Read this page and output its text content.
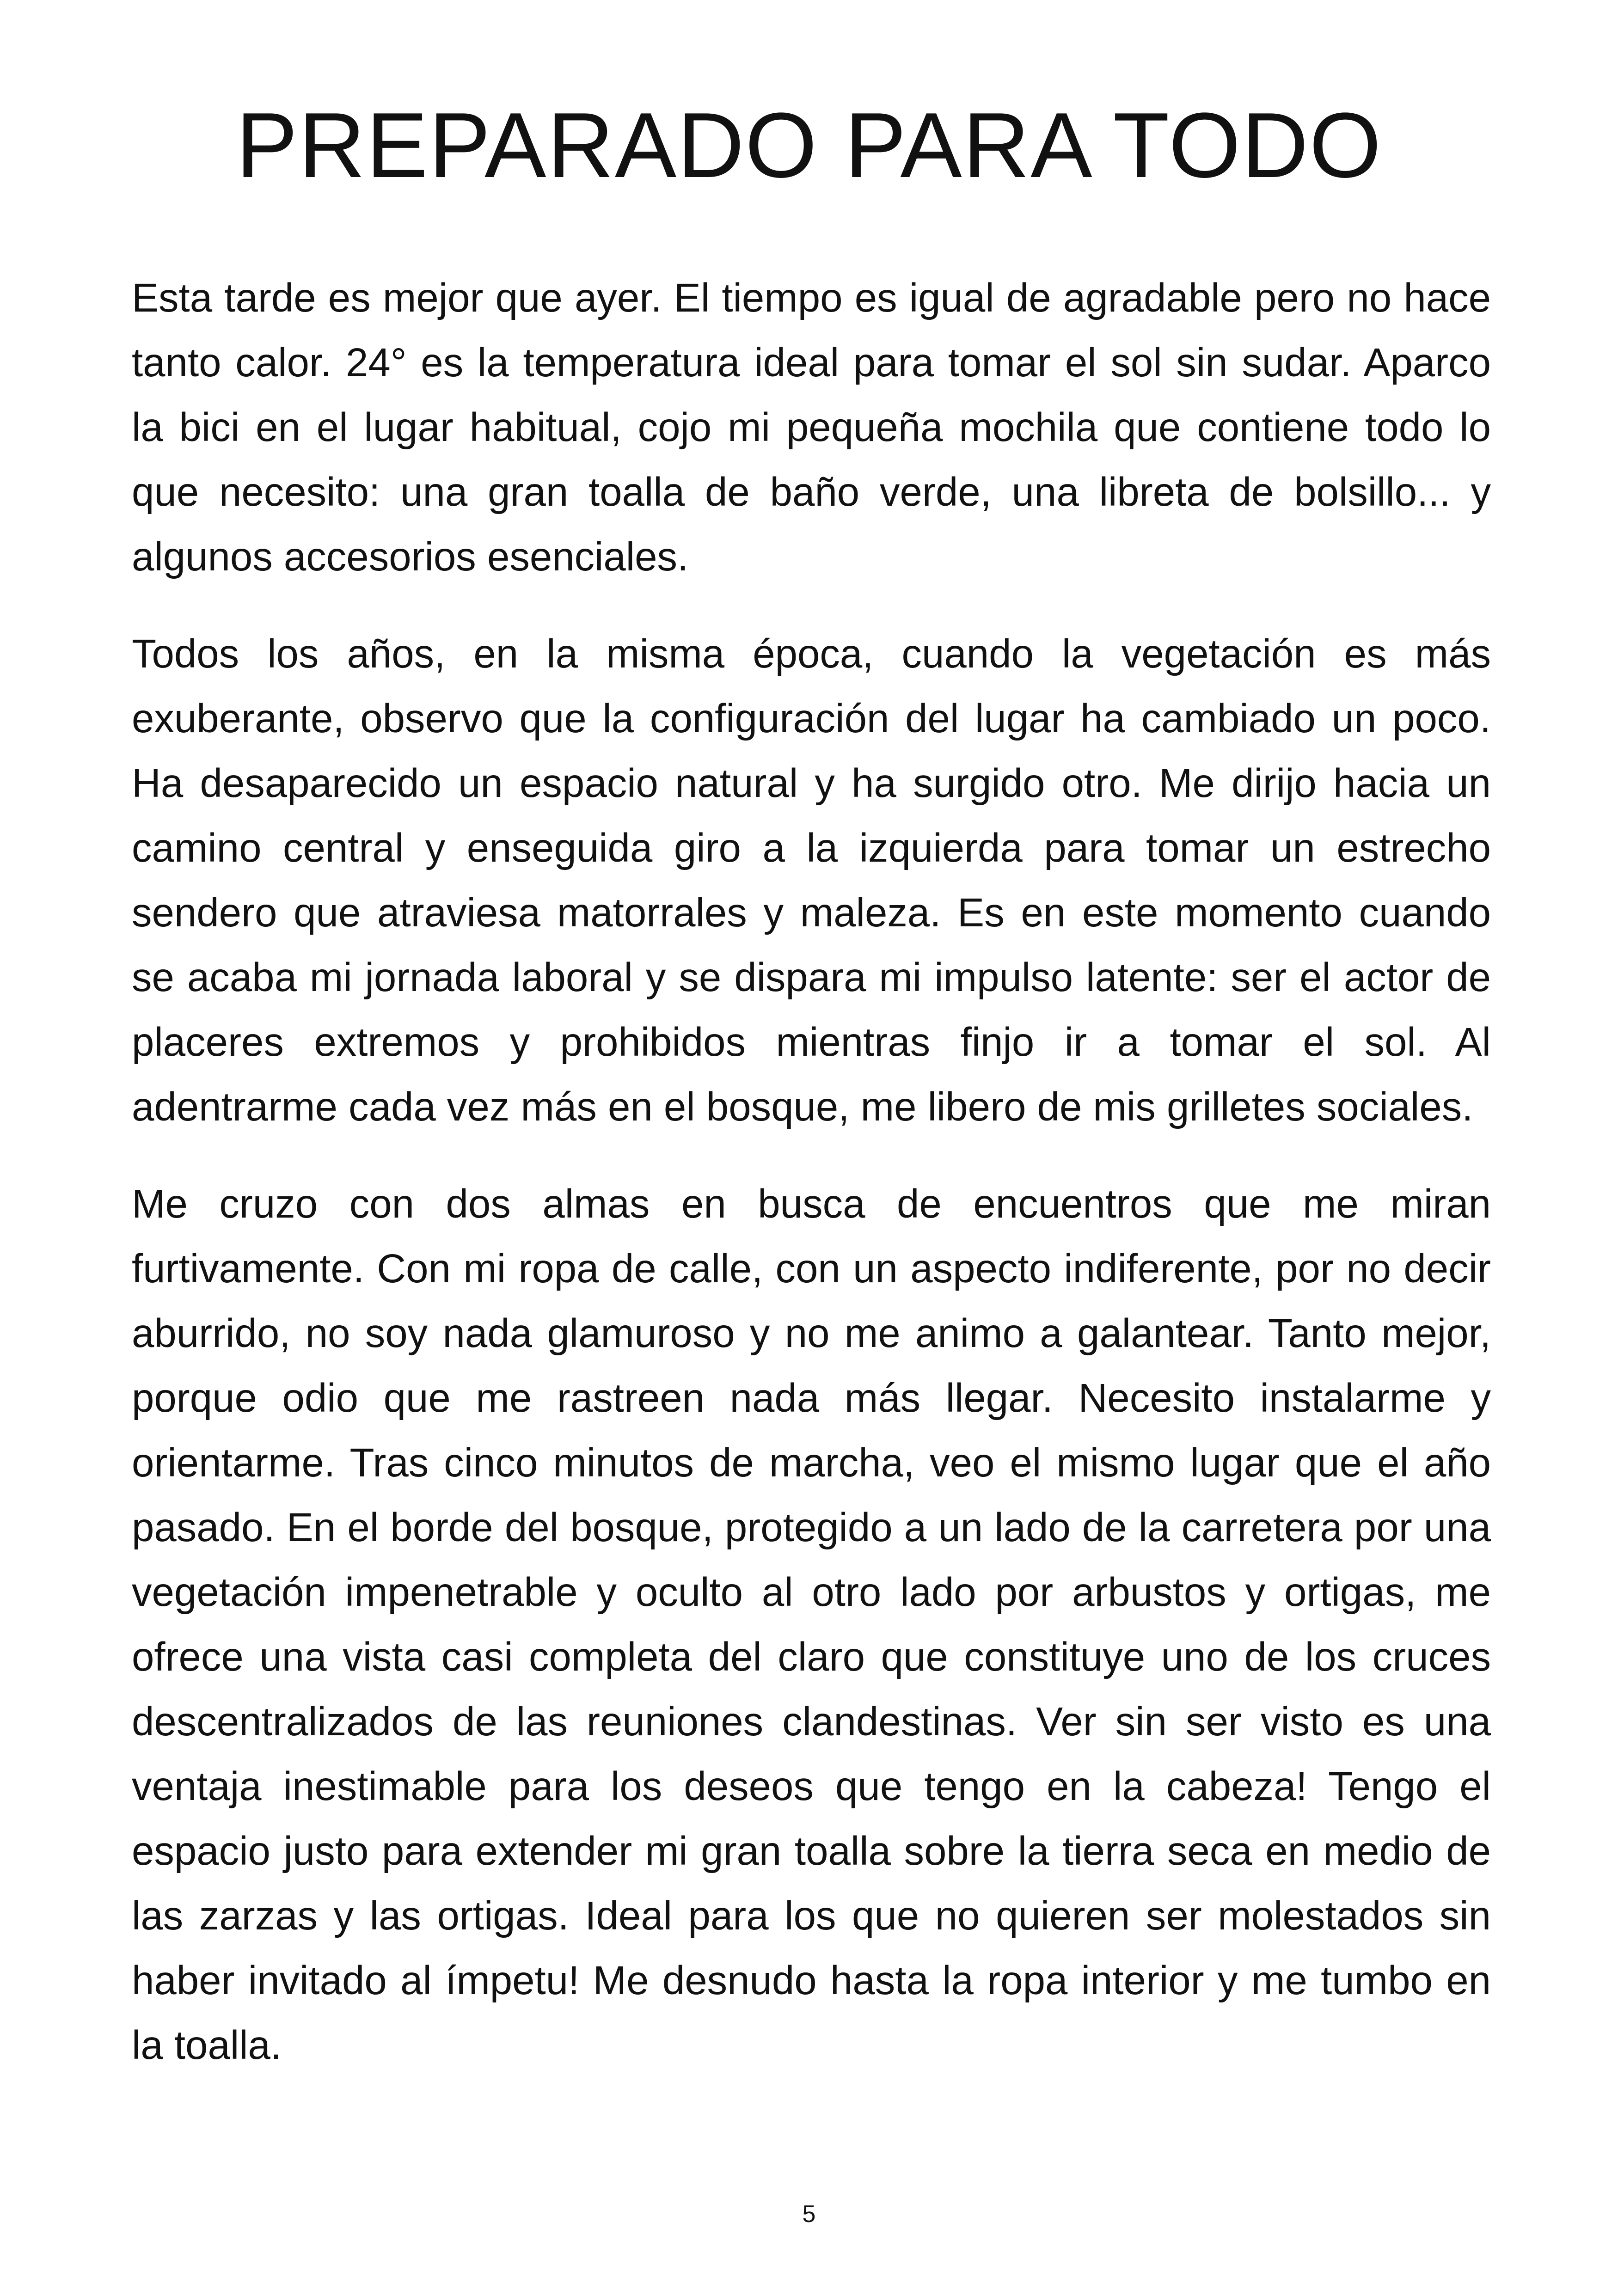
PREPARADO PARA TODO

Esta tarde es mejor que ayer. El tiempo es igual de agradable pero no hace tanto calor. 24° es la temperatura ideal para tomar el sol sin sudar. Aparco la bici en el lugar habitual, cojo mi pequeña mochila que contiene todo lo que necesito: una gran toalla de baño verde, una libreta de bolsillo... y algunos accesorios esenciales.

Todos los años, en la misma época, cuando la vegetación es más exuberante, observo que la configuración del lugar ha cambiado un poco. Ha desaparecido un espacio natural y ha surgido otro. Me dirijo hacia un camino central y enseguida giro a la izquierda para tomar un estrecho sendero que atraviesa matorrales y maleza. Es en este momento cuando se acaba mi jornada laboral y se dispara mi impulso latente: ser el actor de placeres extremos y prohibidos mientras finjo ir a tomar el sol. Al adentrarme cada vez más en el bosque, me libero de mis grilletes sociales.

Me cruzo con dos almas en busca de encuentros que me miran furtivamente. Con mi ropa de calle, con un aspecto indiferente, por no decir aburrido, no soy nada glamuroso y no me animo a galantear. Tanto mejor, porque odio que me rastreen nada más llegar. Necesito instalarme y orientarme. Tras cinco minutos de marcha, veo el mismo lugar que el año pasado. En el borde del bosque, protegido a un lado de la carretera por una vegetación impenetrable y oculto al otro lado por arbustos y ortigas, me ofrece una vista casi completa del claro que constituye uno de los cruces descentralizados de las reuniones clandestinas. Ver sin ser visto es una ventaja inestimable para los deseos que tengo en la cabeza! Tengo el espacio justo para extender mi gran toalla sobre la tierra seca en medio de las zarzas y las ortigas. Ideal para los que no quieren ser molestados sin haber invitado al ímpetu! Me desnudo hasta la ropa interior y me tumbo en la toalla.

5
